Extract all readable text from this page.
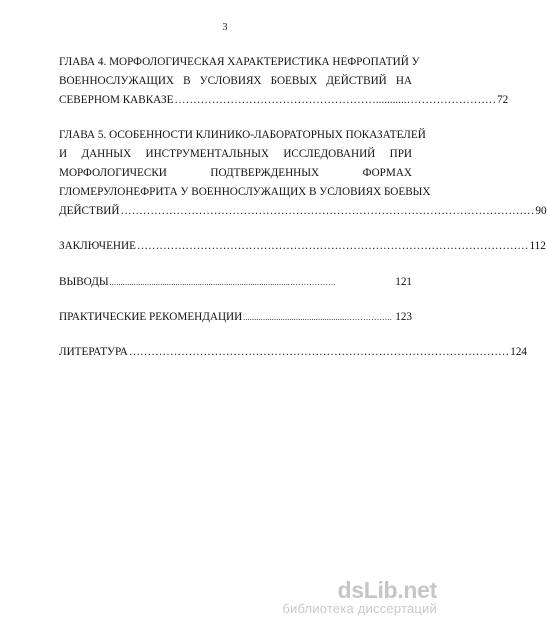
3
ГЛАВА 4. МОРФОЛОГИЧЕСКАЯ ХАРАКТЕРИСТИКА НЕФРОПАТИЙ У
ВОЕННОСЛУЖАЩИХ В УСЛОВИЯХ БОЕВЫХ ДЕЙСТВИЙ НА
СЕВЕРНОМ КАВКАЗЕ ………………………………………………...........…………………… 72
ГЛАВА 5. ОСОБЕННОСТИ КЛИНИКО-ЛАБОРАТОРНЫХ ПОКАЗАТЕЛЕЙ
И ДАННЫХ ИНСТРУМЕНТАЛЬНЫХ ИССЛЕДОВАНИЙ ПРИ
МОРФОЛОГИЧЕСКИ ПОДТВЕРЖДЕННЫХ ФОРМАХ
ГЛОМЕРУЛОНЕФРИТА У ВОЕННОСЛУЖАЩИХ В УСЛОВИЯХ БОЕВЫХ
ДЕЙСТВИЙ ………………………………………………………………………………………………… 90
ЗАКЛЮЧЕНИЕ …………………………………………………………………………………………… 112
ВЫВОДЫ ..................................................................................……………..	121
ПРАКТИЧЕСКИЕ РЕКОМЕНДАЦИИ ...............................................…………….. 123
ЛИТЕРАТУРА ………………………………………………………………………………………… 124
dsLib.net
библиотека диссертаций
